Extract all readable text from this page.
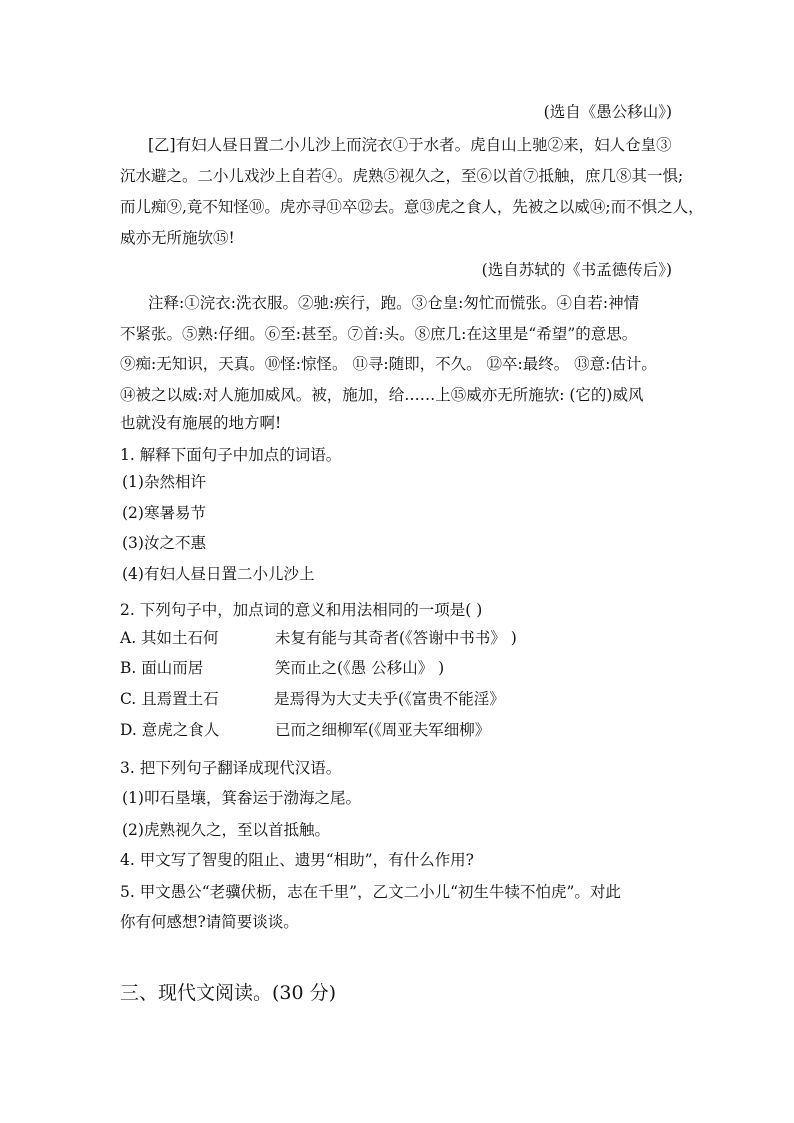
(选自《愚公移山》)
[乙]有妇人昼日置二小儿沙上而浣衣①于水者。虎自山上驰②来，妇人仓皇③
沉水避之。二小儿戏沙上自若④。虎熟⑤视久之，至⑥以首⑦抵触，庶几⑧其一惧;
而儿痴⑨,竟不知怪⑩。虎亦寻⑪卒⑫去。意⑬虎之食人，先被之以威⑭;而不惧之人，
威亦无所施欤⑮!
(选自苏轼的《书孟德传后》)
注释:①浣衣:洗衣服。②驰:疾行，跑。③仓皇:匆忙而慌张。④自若:神情
不紧张。⑤熟:仔细。⑥至:甚至。⑦首:头。⑧庶几:在这里是“希望”的意思。
⑨痴:无知识，天真。⑩怪:惊怪。 ⑪寻:随即，不久。 ⑫卒:最终。 ⑬意:估计。
⑭被之以威:对人施加威风。被，施加，给……上⑮威亦无所施欤: (它的)威风
也就没有施展的地方啊!
1. 解释下面句子中加点的词语。
(1)杂然相许
(2)寒暑易节
(3)汝之不惠
(4)有妇人昼日置二小儿沙上
2. 下列句子中，加点词的意义和用法相同的一项是( )
A. 其如土石何	未复有能与其奇者(《答谢中书书》 )
B. 面山而居	笑而止之(《愚 公移山》 )
C. 且焉置土石	是焉得为大丈夫乎(《富贵不能淫》
D. 意虎之食人	已而之细柳军(《周亚夫军细柳》
3. 把下列句子翻译成现代汉语。
(1)叩石垦壤，箕畚运于渤海之尾。
(2)虎熟视久之，至以首抵触。
4. 甲文写了智叟的阻止、遗男“相助”，有什么作用?
5. 甲文愚公“老骥伏枥，志在千里”，乙文二小儿“初生牛犊不怕虎”。对此
你有何感想?请简要谈谈。
三、现代文阅读。(30 分)
